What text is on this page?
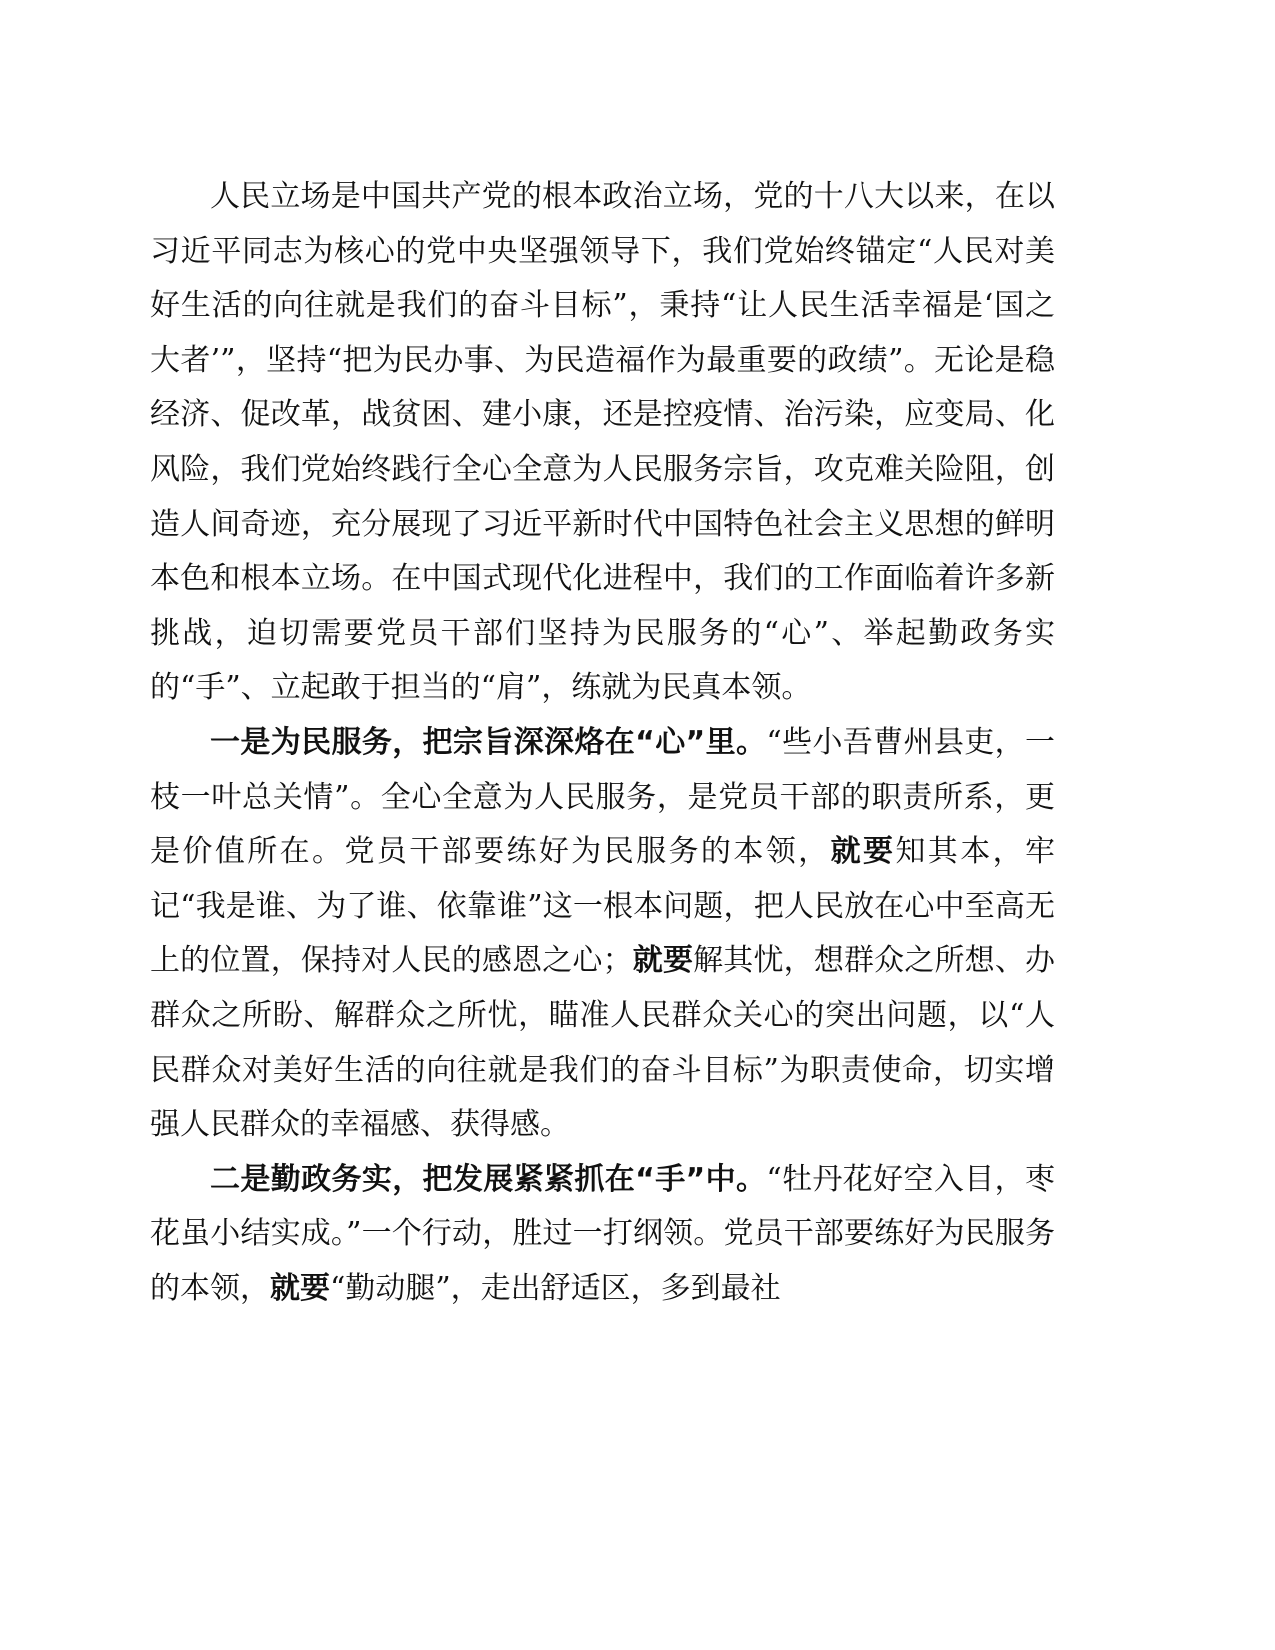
人民立场是中国共产党的根本政治立场，党的十八大以来，在以习近平同志为核心的党中央坚强领导下，我们党始终锚定“人民对美好生活的向往就是我们的奋斗目标”，秉持“让人民生活幸福是‘国之大者’”，坚持“把为民办事、为民造福作为最重要的政绩”。无论是稳经济、促改革，战贫困、建小康，还是控疫情、治污染，应变局、化风险，我们党始终践行全心全意为人民服务宗旨，攻克难关险阻，创造人间奇迹，充分展现了习近平新时代中国特色社会主义思想的鲜明本色和根本立场。在中国式现代化进程中，我们的工作面临着许多新挑战，迫切需要党员干部们坚持为民服务的“心”、举起勤政务实的“手”、立起敢于担当的“肩”，练就为民真本领。

一是为民服务，把宗旨深深烙在“心”里。“些小吾曹州县吏，一枝一叶总关情”。全心全意为人民服务，是党员干部的职责所系，更是价值所在。党员干部要练好为民服务的本领，就要知其本，牢记“我是谁、为了谁、依靠谁”这一根本问题，把人民放在心中至高无上的位置，保持对人民的感恩之心；就要解其忧，想群众之所想、办群众之所盼、解群众之所忧，瞄准人民群众关心的突出问题，以“人民群众对美好生活的向往就是我们的奋斗目标”为职责使命，切实增强人民群众的幸福感、获得感。

二是勤政务实，把发展紧紧抓在“手”中。“牡丹花好空入目，枣花虽小结实成。”一个行动，胜过一打纲领。党员干部要练好为民服务的本领，就要“勤动腿”，走出舒适区，多到最社
